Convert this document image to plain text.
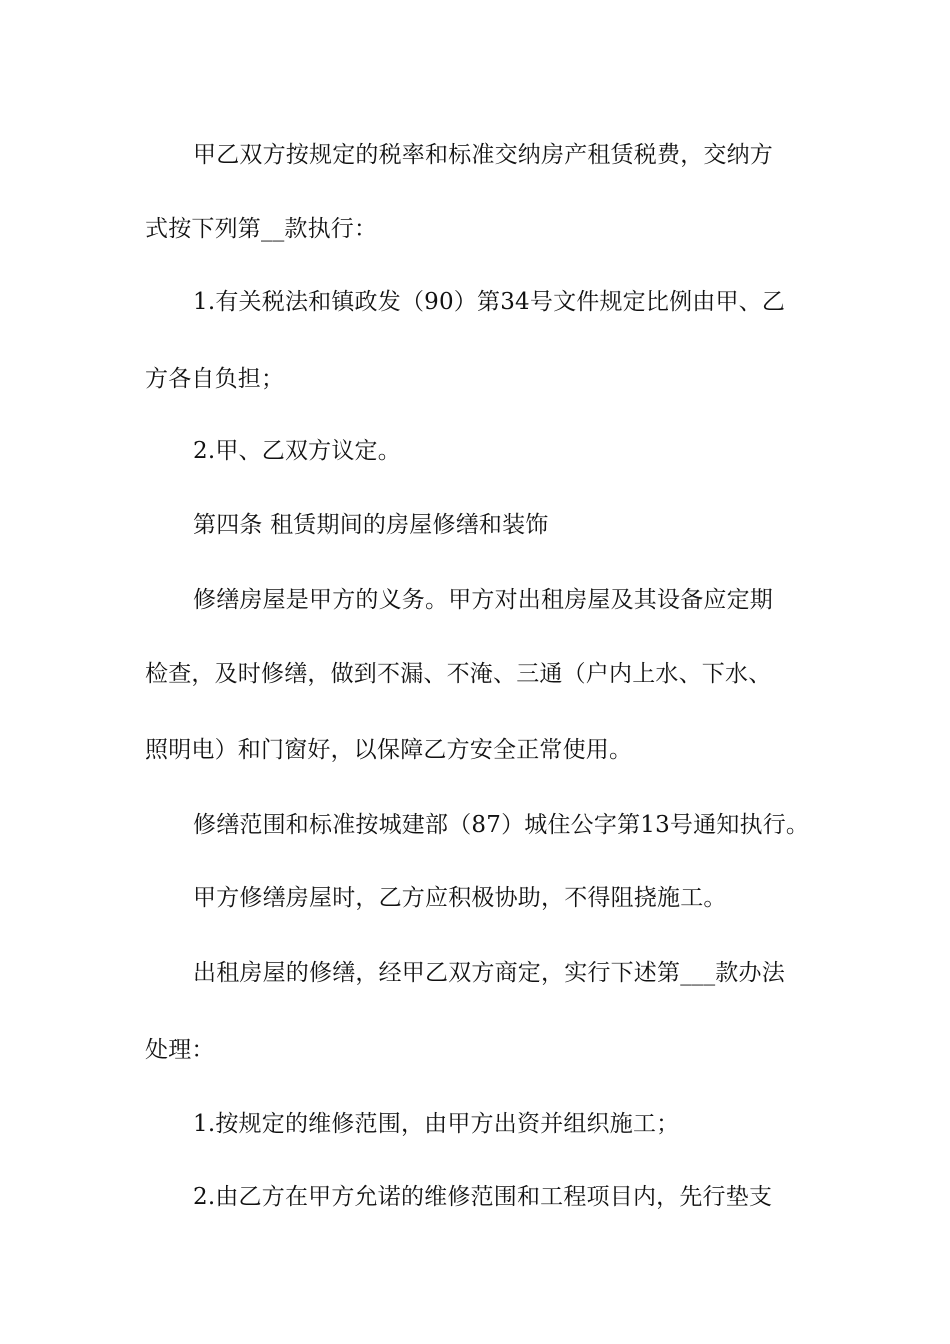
甲乙双方按规定的税率和标准交纳房产租赁税费，交纳方
式按下列第__款执行：
1.有关税法和镇政发（90）第34号文件规定比例由甲、乙
方各自负担；
2.甲、乙双方议定。
第四条 租赁期间的房屋修缮和装饰
修缮房屋是甲方的义务。甲方对出租房屋及其设备应定期
检查，及时修缮，做到不漏、不淹、三通（户内上水、下水、
照明电）和门窗好，以保障乙方安全正常使用。
修缮范围和标准按城建部（87）城住公字第13号通知执行。
甲方修缮房屋时，乙方应积极协助，不得阻挠施工。
出租房屋的修缮，经甲乙双方商定，实行下述第___款办法
处理：
1.按规定的维修范围，由甲方出资并组织施工；
2.由乙方在甲方允诺的维修范围和工程项目内，先行垫支
